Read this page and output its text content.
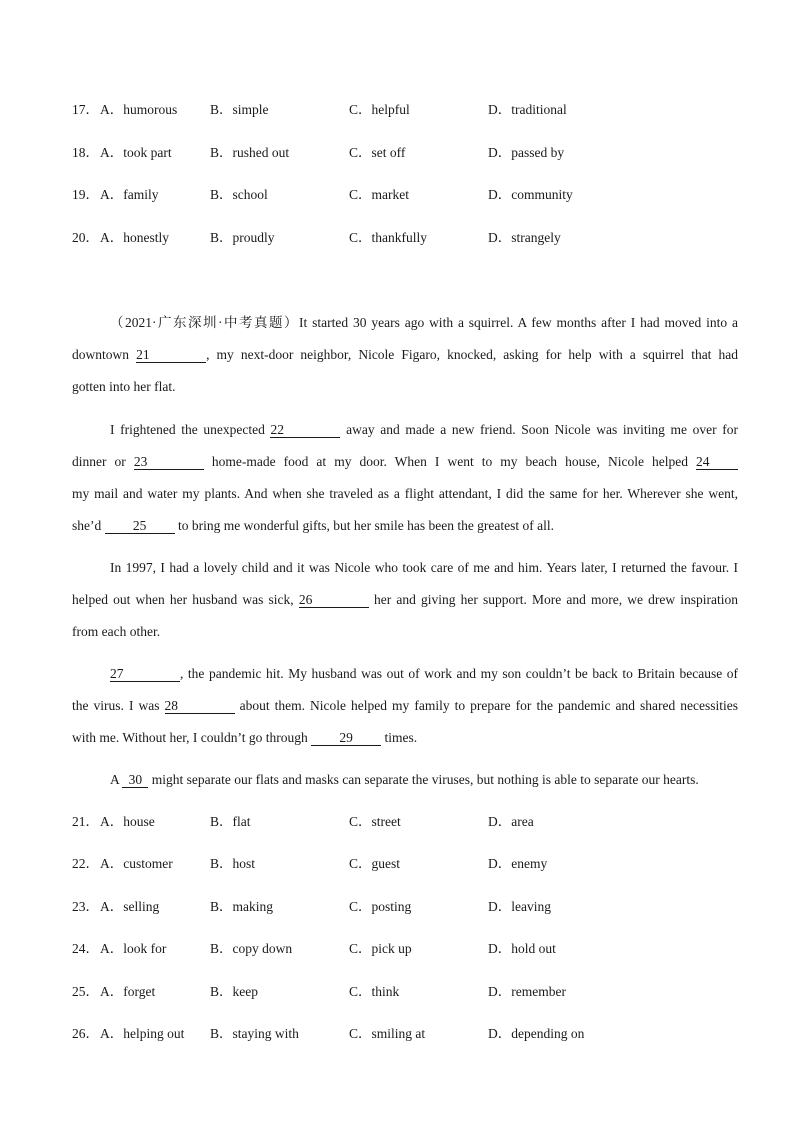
17． A．humorous B．simple	C．helpful	D．traditional
18． A．took part	B．rushed out	C．set off	D．passed by
19． A．family	B．school	C．market	D．community
20． A．honestly	B．proudly	C．thankfully	D．strangely
（2021·广东深圳·中考真题）It started 30 years ago with a squirrel. A few months after I had moved into a
downtown 21	, my next-door neighbor, Nicole Figaro, knocked, asking for help with a squirrel that had
gotten into her flat.
I frightened the unexpected 22	away and made a new friend. Soon Nicole was inviting me over for
dinner or 23	home-made food at my door. When I went to my beach house, Nicole helped 24
my mail and water my plants. And when she traveled as a flight attendant, I did the same for her. Wherever she went,
she’d 25 to bring me wonderful gifts, but her smile has been the greatest of all.
In 1997, I had a lovely child and it was Nicole who took care of me and him. Years later, I returned the favour. I
helped out when her husband was sick, 26	her and giving her support. More and more, we drew inspiration
from each other.
27	, the pandemic hit. My husband was out of work and my son couldn’t be back to Britain because of
the virus. I was 28	about them. Nicole helped my family to prepare for the pandemic and shared necessities
with me. Without her, I couldn’t go through 29 times.
A 30 might separate our flats and masks can separate the viruses, but nothing is able to separate our hearts.
21． A．house	B．flat	C．street	D．area
22． A．customer	B．host	C．guest	D．enemy
23． A．selling	B．making	C．posting	D．leaving
24． A．look for	B．copy down	C．pick up	D．hold out
25． A．forget	B．keep	C．think	D．remember
26． A．helping out B．staying with	C．smiling at	D．depending on
